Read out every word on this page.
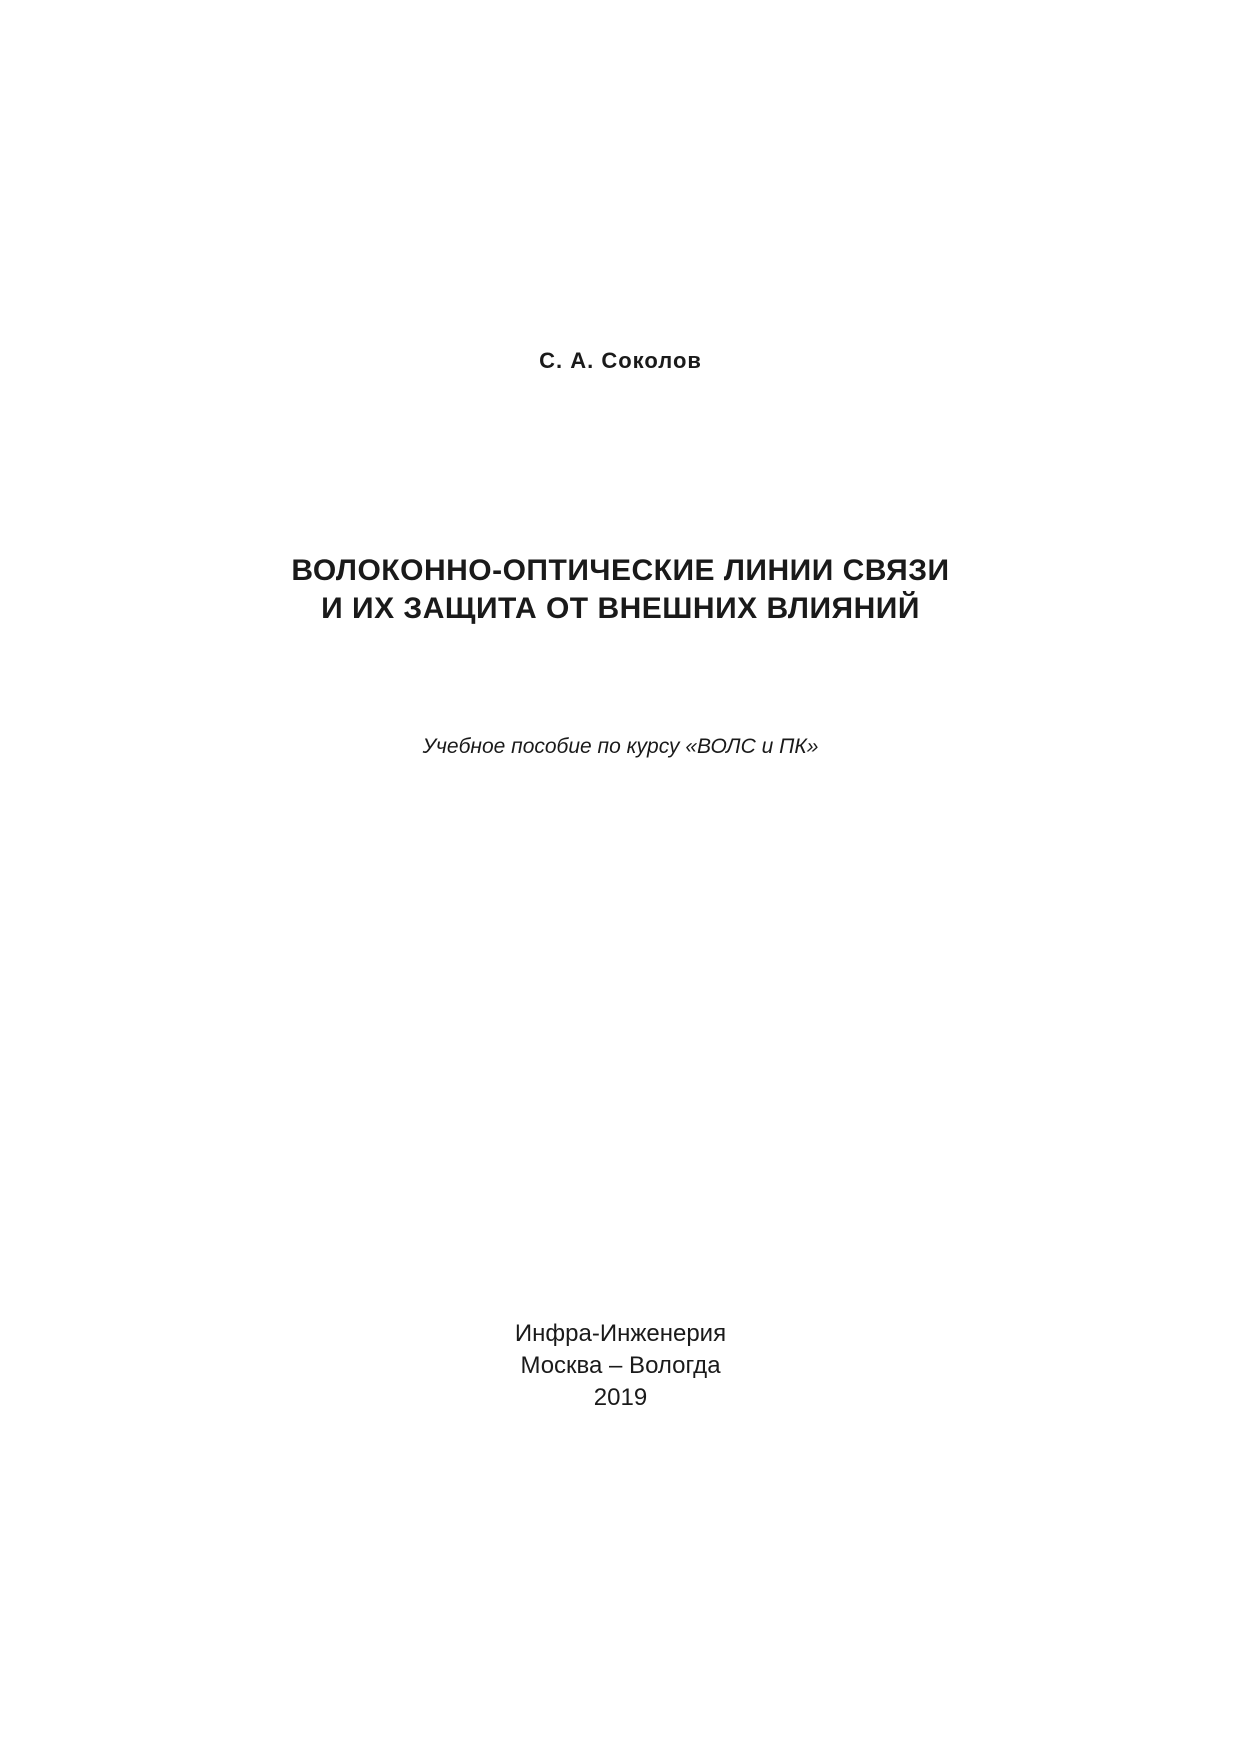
С. А. Соколов
ВОЛОКОННО-ОПТИЧЕСКИЕ ЛИНИИ СВЯЗИ
И ИХ ЗАЩИТА ОТ ВНЕШНИХ ВЛИЯНИЙ
Учебное пособие по курсу «ВОЛС и ПК»
Инфра-Инженерия
Москва – Вологда
2019
